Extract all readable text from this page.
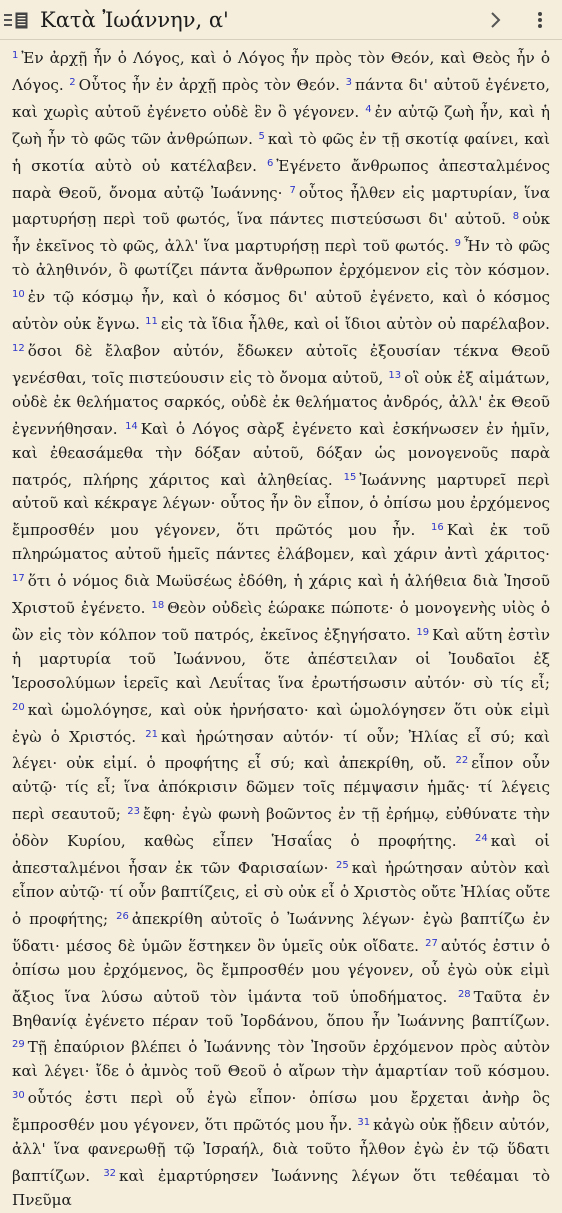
Κατὰ Ἰωάννην, α'

$^1$ Ἐν ἀρχῇ ἦν ὁ Λόγος, καὶ ὁ Λόγος ἦν πρὸς τὸν Θεόν, καὶ Θεὸς ἦν ὁ Λόγος. $^2$ Οὗτος ἦν ἐν ἀρχῇ πρὸς τὸν Θεόν. $^3$ πάντα δι' αὐτοῦ ἐγένετο, καὶ χωρὶς αὐτοῦ ἐγένετο οὐδὲ ἓν ὃ γέγονεν. $^4$ ἐν αὐτῷ ζωὴ ἦν, καὶ ἡ ζωὴ ἦν τὸ φῶς τῶν ἀνθρώπων. $^5$ καὶ τὸ φῶς ἐν τῇ σκοτίᾳ φαίνει, καὶ ἡ σκοτία αὐτὸ οὐ κατέλαβεν. $^6$ Ἐγένετο ἄνθρωπος ἀπεσταλμένος παρὰ Θεοῦ, ὄνομα αὐτῷ Ἰωάννης· $^7$ οὗτος ἦλθεν εἰς μαρτυρίαν, ἵνα μαρτυρήσῃ περὶ τοῦ φωτός, ἵνα πάντες πιστεύσωσι δι' αὐτοῦ. $^8$ οὐκ ἦν ἐκεῖνος τὸ φῶς, ἀλλ' ἵνα μαρτυρήσῃ περὶ τοῦ φωτός. $^9$ Ἦν τὸ φῶς τὸ ἀληθινόν, ὃ φωτίζει πάντα ἄνθρωπον ἐρχόμενον εἰς τὸν κόσμον. $^{10}$ ἐν τῷ κόσμῳ ἦν, καὶ ὁ κόσμος δι' αὐτοῦ ἐγένετο, καὶ ὁ κόσμος αὐτὸν οὐκ ἔγνω. $^{11}$ εἰς τὰ ἴδια ἦλθε, καὶ οἱ ἴδιοι αὐτὸν οὐ παρέλαβον. $^{12}$ ὅσοι δὲ ἔλαβον αὐτόν, ἔδωκεν αὐτοῖς ἐξουσίαν τέκνα Θεοῦ γενέσθαι, τοῖς πιστεύουσιν εἰς τὸ ὄνομα αὐτοῦ, $^{13}$ οἳ οὐκ ἐξ αἱμάτων, οὐδὲ ἐκ θελήματος σαρκός, οὐδὲ ἐκ θελήματος ἀνδρός, ἀλλ' ἐκ Θεοῦ ἐγεννήθησαν. $^{14}$ Καὶ ὁ Λόγος σὰρξ ἐγένετο καὶ ἐσκήνωσεν ἐν ἡμῖν, καὶ ἐθεασάμεθα τὴν δόξαν αὐτοῦ, δόξαν ὡς μονογενοῦς παρὰ πατρός, πλήρης χάριτος καὶ ἀληθείας. $^{15}$ Ἰωάννης μαρτυρεῖ περὶ αὐτοῦ καὶ κέκραγε λέγων· οὗτος ἦν ὃν εἶπον, ὁ ὀπίσω μου ἐρχόμενος ἔμπροσθέν μου γέγονεν, ὅτι πρῶτός μου ἦν. $^{16}$ Καὶ ἐκ τοῦ πληρώματος αὐτοῦ ἡμεῖς πάντες ἐλάβομεν, καὶ χάριν ἀντὶ χάριτος· $^{17}$ ὅτι ὁ νόμος διὰ Μωϋσέως ἐδόθη, ἡ χάρις καὶ ἡ ἀλήθεια διὰ Ἰησοῦ Χριστοῦ ἐγένετο. $^{18}$ Θεὸν οὐδεὶς ἑώρακε πώποτε· ὁ μονογενὴς υἱὸς ὁ ὢν εἰς τὸν κόλπον τοῦ πατρός, ἐκεῖνος ἐξηγήσατο. $^{19}$ Καὶ αὕτη ἐστὶν ἡ μαρτυρία τοῦ Ἰωάννου, ὅτε ἀπέστειλαν οἱ Ἰουδαῖοι ἐξ Ἱεροσολύμων ἱερεῖς καὶ Λευΐτας ἵνα ἐρωτήσωσιν αὐτόν· σὺ τίς εἶ; $^{20}$ καὶ ὡμολόγησε, καὶ οὐκ ἠρνήσατο· καὶ ὡμολόγησεν ὅτι οὐκ εἰμὶ ἐγὼ ὁ Χριστός. $^{21}$ καὶ ἠρώτησαν αὐτόν· τί οὖν; Ἠλίας εἶ σύ; καὶ λέγει· οὐκ εἰμί. ὁ προφήτης εἶ σύ; καὶ ἀπεκρίθη, οὔ. $^{22}$ εἶπον οὖν αὐτῷ· τίς εἶ; ἵνα ἀπόκρισιν δῶμεν τοῖς πέμψασιν ἡμᾶς· τί λέγεις περὶ σεαυτοῦ; $^{23}$ ἔφη· ἐγὼ φωνὴ βοῶντος ἐν τῇ ἐρήμῳ, εὐθύνατε τὴν ὁδὸν Κυρίου, καθὼς εἶπεν Ἡσαΐας ὁ προφήτης. $^{24}$ καὶ οἱ ἀπεσταλμένοι ἦσαν ἐκ τῶν Φαρισαίων· $^{25}$ καὶ ἠρώτησαν αὐτὸν καὶ εἶπον αὐτῷ· τί οὖν βαπτίζεις, εἰ σὺ οὐκ εἶ ὁ Χριστὸς οὔτε Ἠλίας οὔτε ὁ προφήτης; $^{26}$ ἀπεκρίθη αὐτοῖς ὁ Ἰωάννης λέγων· ἐγὼ βαπτίζω ἐν ὕδατι· μέσος δὲ ὑμῶν ἕστηκεν ὃν ὑμεῖς οὐκ οἴδατε. $^{27}$ αὐτός ἐστιν ὁ ὀπίσω μου ἐρχόμενος, ὃς ἔμπροσθέν μου γέγονεν, οὗ ἐγὼ οὐκ εἰμὶ ἄξιος ἵνα λύσω αὐτοῦ τὸν ἱμάντα τοῦ ὑποδήματος. $^{28}$ Ταῦτα ἐν Βηθανίᾳ ἐγένετο πέραν τοῦ Ἰορδάνου, ὅπου ἦν Ἰωάννης βαπτίζων. $^{29}$ Τῇ ἐπαύριον βλέπει ὁ Ἰωάννης τὸν Ἰησοῦν ἐρχόμενον πρὸς αὐτὸν καὶ λέγει· ἴδε ὁ ἀμνὸς τοῦ Θεοῦ ὁ αἴρων τὴν ἁμαρτίαν τοῦ κόσμου. $^{30}$ οὗτός ἐστι περὶ οὗ ἐγὼ εἶπον· ὀπίσω μου ἔρχεται ἀνὴρ ὃς ἔμπροσθέν μου γέγονεν, ὅτι πρῶτός μου ἦν. $^{31}$ κἀγὼ οὐκ ᾔδειν αὐτόν, ἀλλ' ἵνα φανερωθῇ τῷ Ἰσραήλ, διὰ τοῦτο ἦλθον ἐγὼ ἐν τῷ ὕδατι βαπτίζων. $^{32}$ καὶ ἐμαρτύρησεν Ἰωάννης λέγων ὅτι τεθέαμαι τὸ Πνεῦμα
